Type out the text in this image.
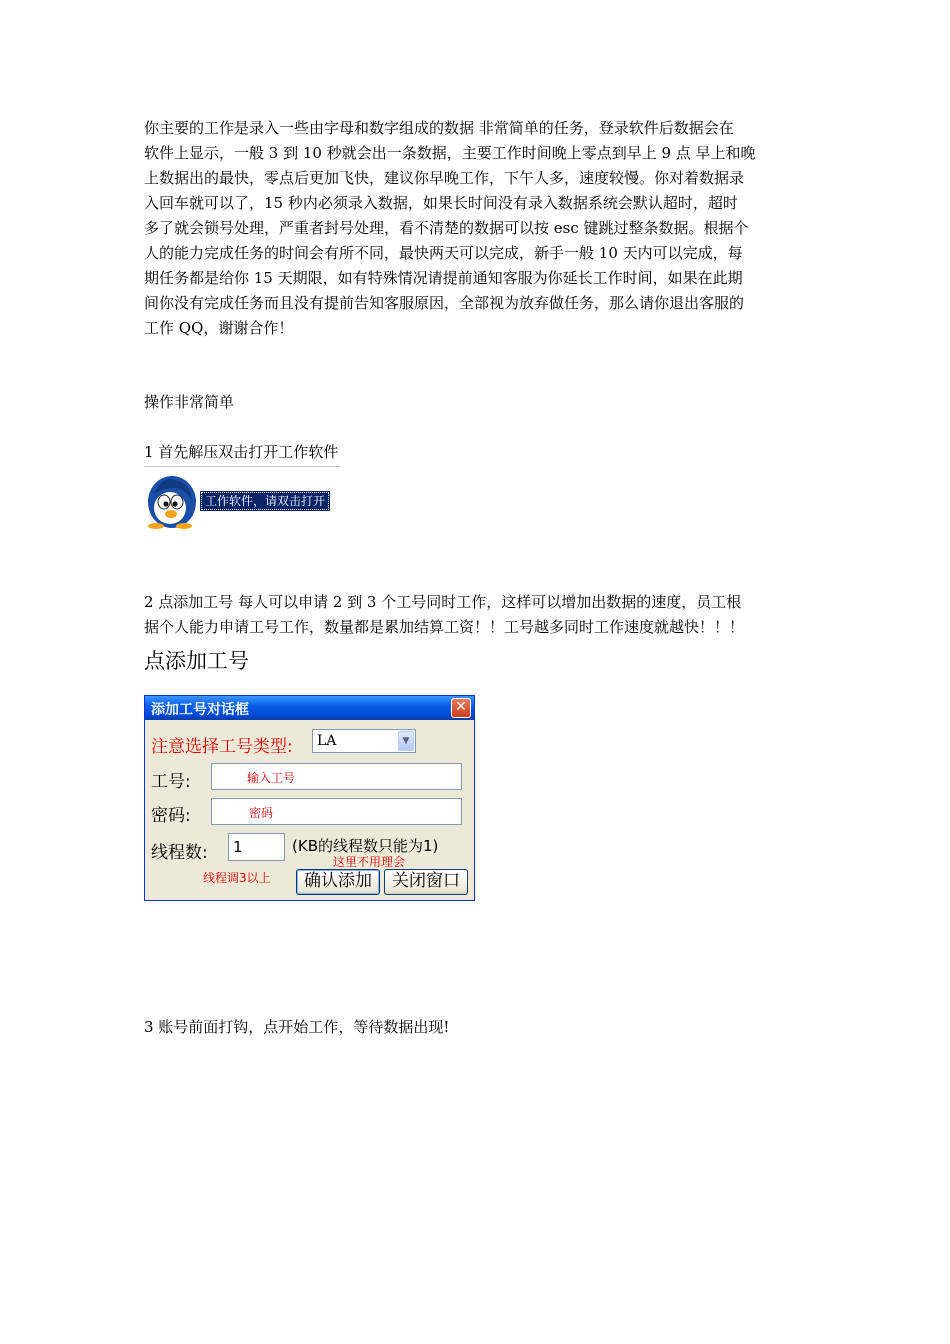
你主要的工作是录入一些由字母和数字组成的数据 非常简单的任务，登录软件后数据会在

软件上显示，一般 3 到 10 秒就会出一条数据，主要工作时间晚上零点到早上 9 点 早上和晚

上数据出的最快，零点后更加飞快，建议你早晚工作，下午人多，速度较慢。你对着数据录

入回车就可以了，15 秒内必须录入数据，如果长时间没有录入数据系统会默认超时，超时

多了就会锁号处理，严重者封号处理，看不清楚的数据可以按 esc 键跳过整条数据。根据个

人的能力完成任务的时间会有所不同，最快两天可以完成，新手一般 10 天内可以完成，每

期任务都是给你 15 天期限，如有特殊情况请提前通知客服为你延长工作时间，如果在此期

间你没有完成任务而且没有提前告知客服原因，全部视为放弃做任务，那么请你退出客服的

工作 QQ，谢谢合作！

操作非常简单

1 首先解压双击打开工作软件

工作软件，请双击打开

2 点添加工号 每人可以申请 2 到 3 个工号同时工作，这样可以增加出数据的速度，员工根

据个人能力申请工号工作，数量都是累加结算工资！！工号越多同时工作速度就越快！！！

点添加工号

添加工号对话框	✕
注意选择工号类型: LA	▼
工号:	输入工号
密码:	密码
线程数: 1	(KB的线程数只能为1)
这里不用理会
线程调3以上	确认添加	关闭窗口

3 账号前面打钩，点开始工作，等待数据出现!
